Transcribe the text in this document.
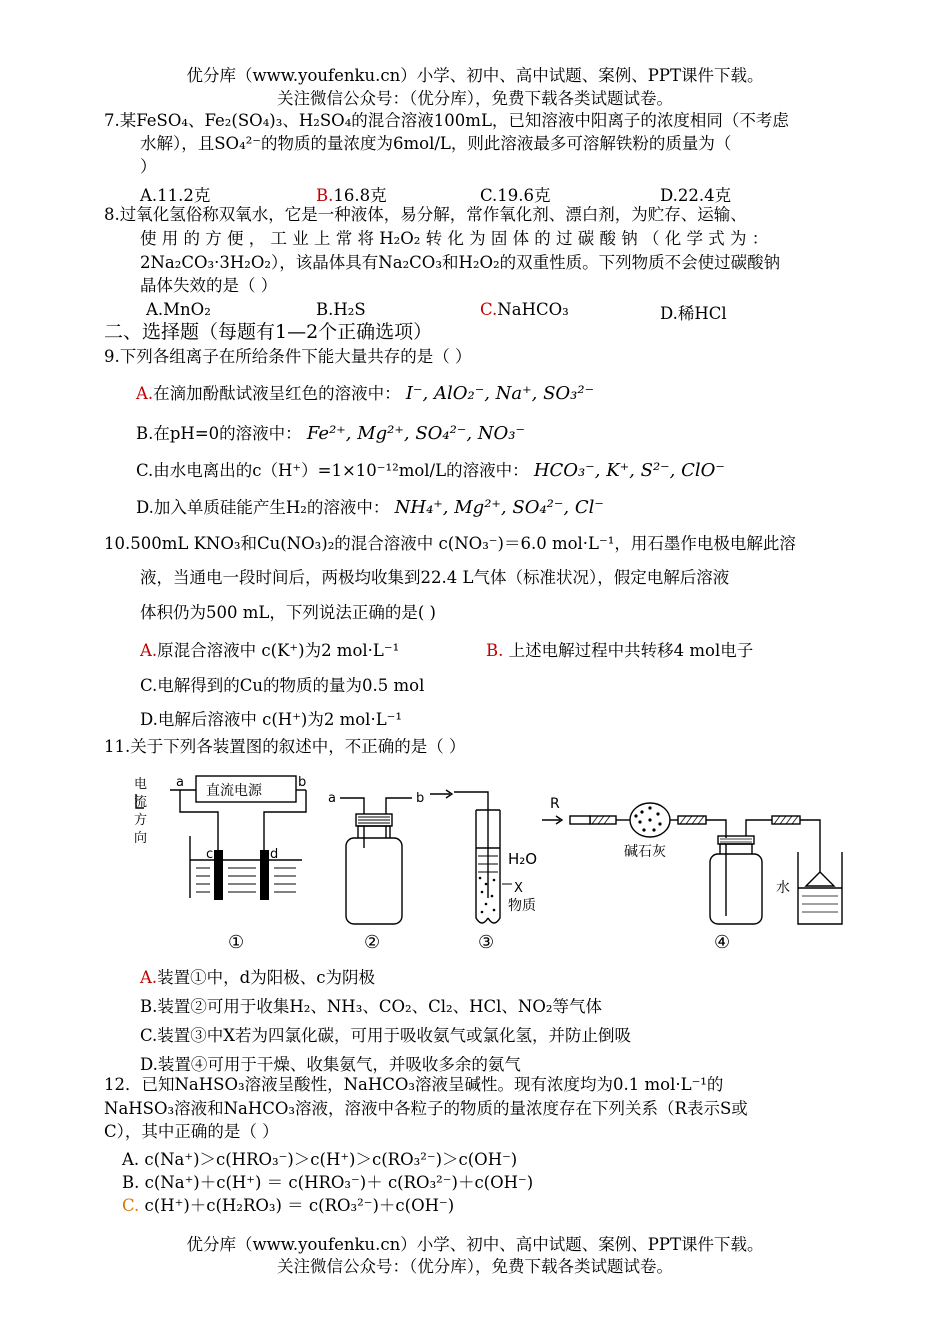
优分库（www.youfenku.cn）小学、初中、高中试题、案例、PPT课件下载。
关注微信公众号：（优分库），免费下载各类试题试卷。
7.某FeSO₄、Fe₂(SO₄)₃、H₂SO₄的混合溶液100mL，已知溶液中阳离子的浓度相同（不考虑
水解），且SO₄²⁻的物质的量浓度为6mol/L，则此溶液最多可溶解铁粉的质量为（
）
A.11.2克	B.16.8克	C.19.6克	D.22.4克
8.过氧化氢俗称双氧水，它是一种液体，易分解，常作氧化剂、漂白剂，为贮存、运输、
使 用 的 方 便 ， 工 业 上 常 将 H₂O₂ 转 化 为 固 体 的 过 碳 酸 钠 （ 化 学 式 为 ：
2Na₂CO₃·3H₂O₂），该晶体具有Na₂CO₃和H₂O₂的双重性质。下列物质不会使过碳酸钠
晶体失效的是（ ）
A.MnO₂	B.H₂S	C.NaHCO₃	D.稀HCl
二、选择题（每题有1—2个正确选项）
9.下列各组离子在所给条件下能大量共存的是（ ）
A.在滴加酚酞试液呈红色的溶液中： I⁻, AlO₂⁻, Na⁺, SO₃²⁻
B.在pH=0的溶液中： Fe²⁺, Mg²⁺, SO₄²⁻, NO₃⁻
C.由水电离出的c（H⁺）=1×10⁻¹²mol/L的溶液中： HCO₃⁻, K⁺, S²⁻, ClO⁻
D.加入单质硅能产生H₂的溶液中： NH₄⁺, Mg²⁺, SO₄²⁻, Cl⁻
10.500mL KNO₃和Cu(NO₃)₂的混合溶液中 c(NO₃⁻)＝6.0 mol·L⁻¹，用石墨作电极电解此溶
液，当通电一段时间后，两极均收集到22.4 L气体（标准状况），假定电解后溶液
体积仍为500 mL，下列说法正确的是( )
A.原混合溶液中 c(K⁺)为2 mol·L⁻¹	B. 上述电解过程中共转移4 mol电子
C.电解得到的Cu的物质的量为0.5 mol
D.电解后溶液中 c(H⁺)为2 mol·L⁻¹
11.关于下列各装置图的叙述中，不正确的是（ ）
电
流
方
向
a	b
直流电源
c	d
①
a	b
②
H₂O
X
物质
③
R
碱石灰
水
④
A.装置①中，d为阳极、c为阴极
B.装置②可用于收集H₂、NH₃、CO₂、Cl₂、HCl、NO₂等气体
C.装置③中X若为四氯化碳，可用于吸收氨气或氯化氢，并防止倒吸
D.装置④可用于干燥、收集氨气，并吸收多余的氨气
12．已知NaHSO₃溶液呈酸性，NaHCO₃溶液呈碱性。现有浓度均为0.1 mol·L⁻¹的
NaHSO₃溶液和NaHCO₃溶液，溶液中各粒子的物质的量浓度存在下列关系（R表示S或
C），其中正确的是（ ）
A. c(Na⁺)＞c(HRO₃⁻)＞c(H⁺)＞c(RO₃²⁻)＞c(OH⁻)
B. c(Na⁺)＋c(H⁺) ＝ c(HRO₃⁻)＋ c(RO₃²⁻)＋c(OH⁻)
C. c(H⁺)＋c(H₂RO₃) ＝ c(RO₃²⁻)＋c(OH⁻)
优分库（www.youfenku.cn）小学、初中、高中试题、案例、PPT课件下载。
关注微信公众号：（优分库），免费下载各类试题试卷。
